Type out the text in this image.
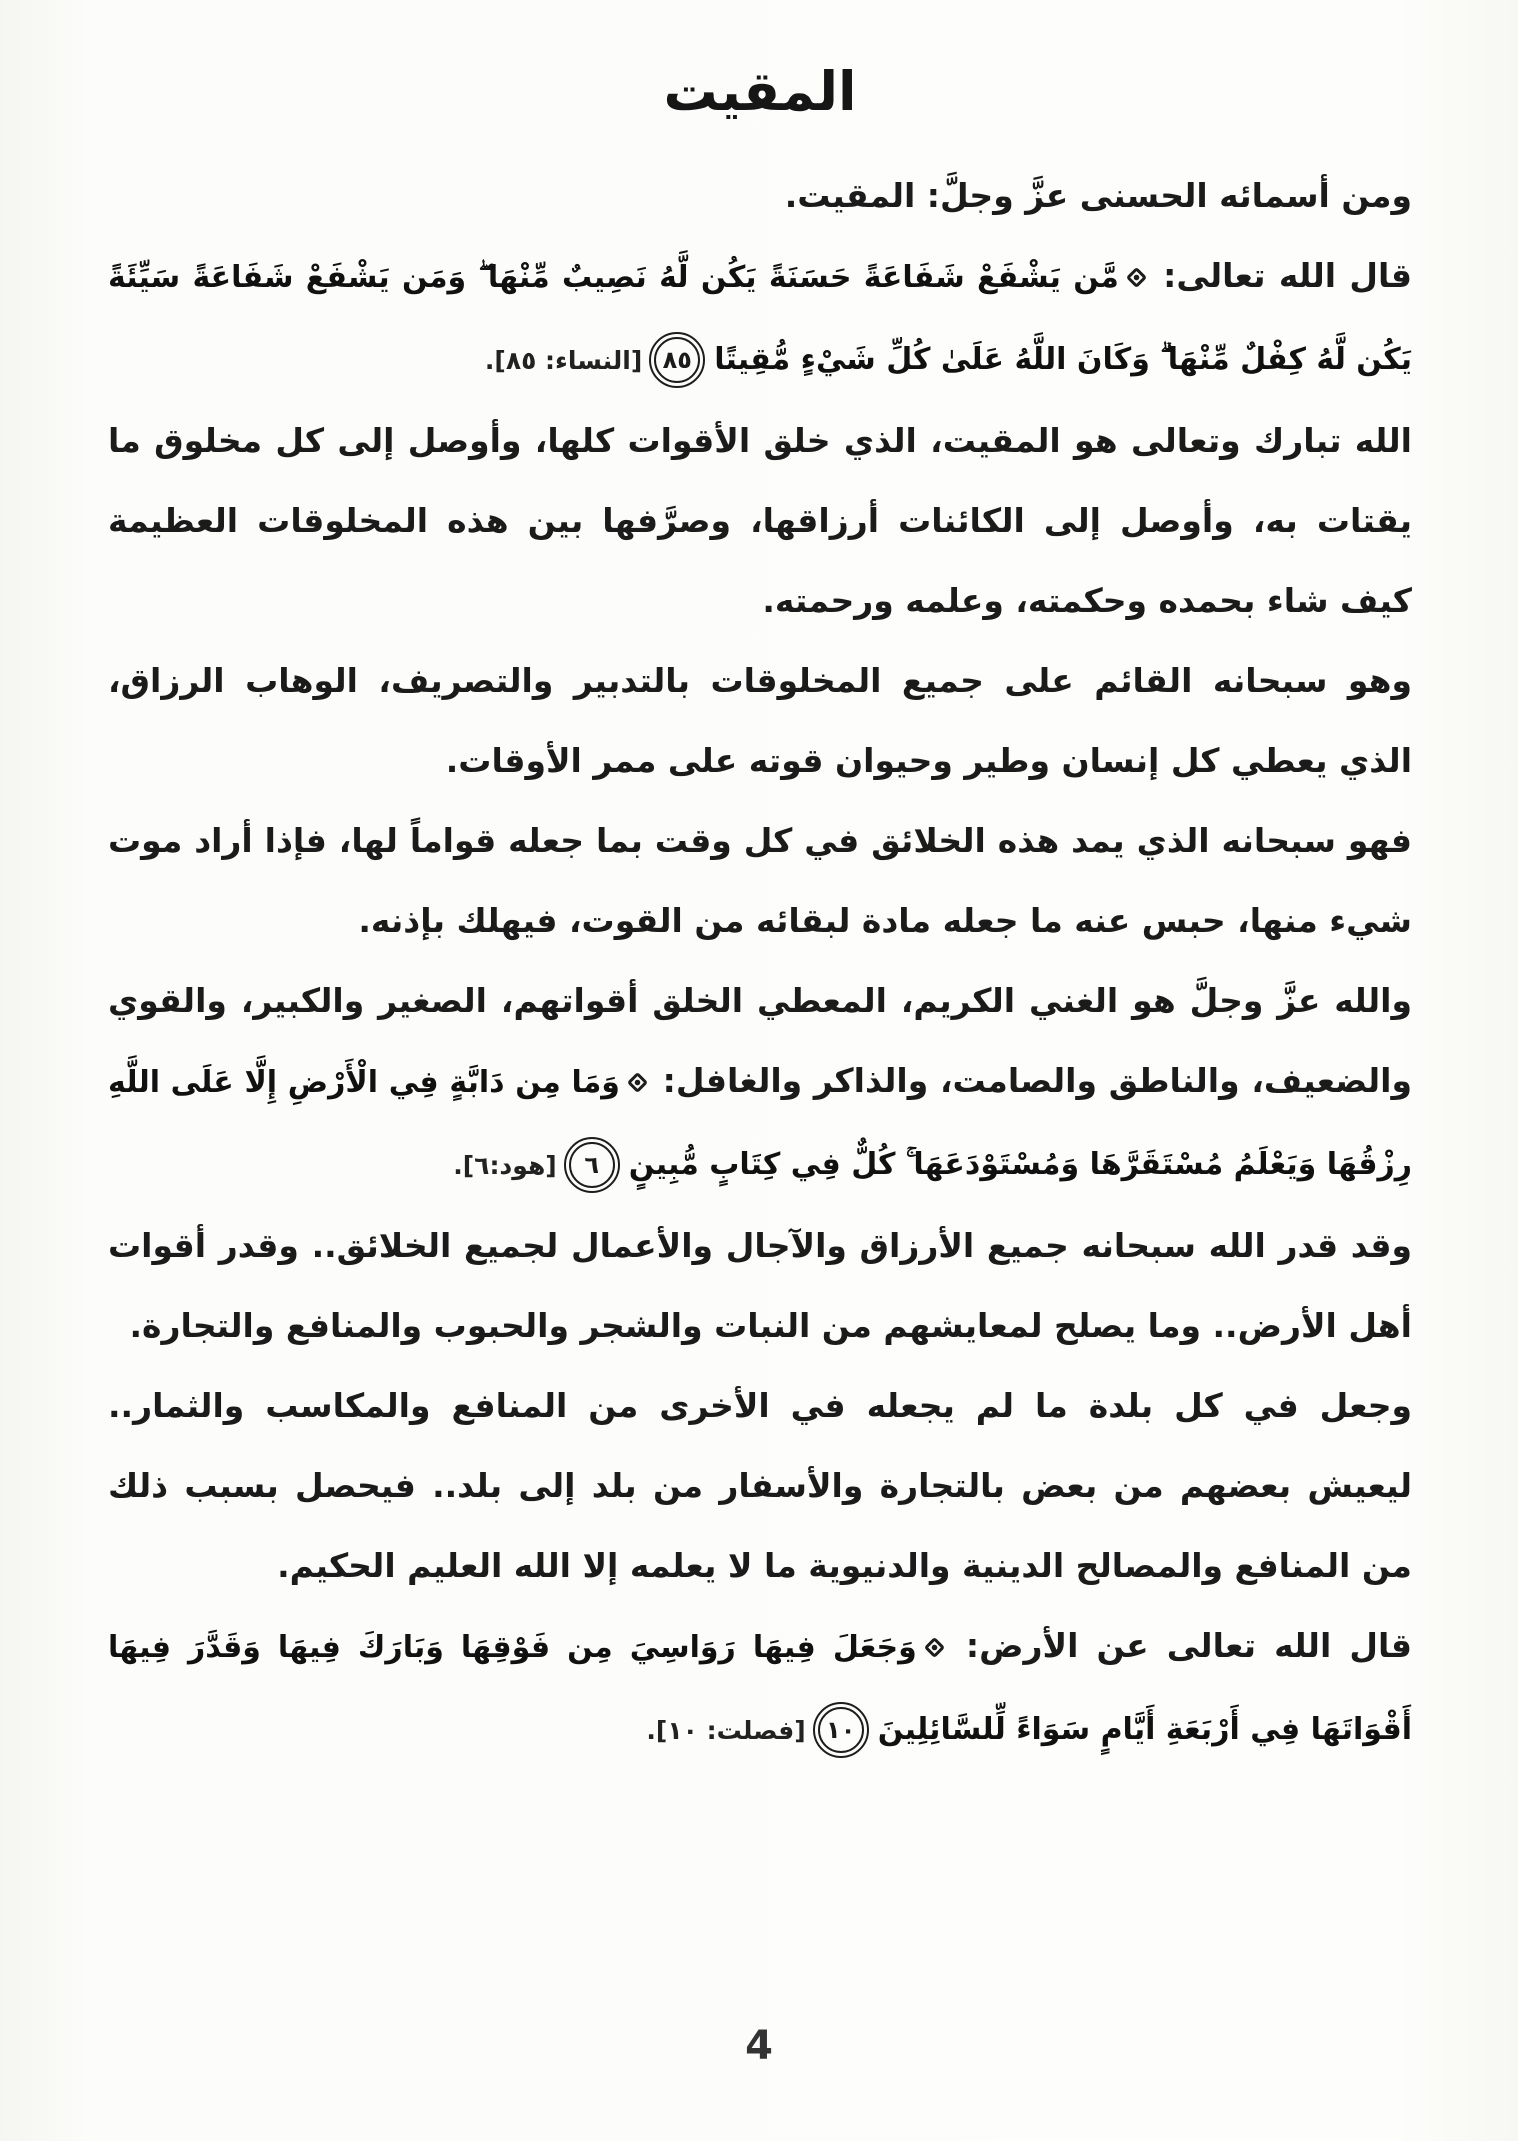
المقيت

ومن أسمائه الحسنى عزَّ وجلَّ: المقيت.

قال الله تعالى: مَّن يَشْفَعْ شَفَاعَةً حَسَنَةً يَكُن لَّهُ نَصِيبٌ مِّنْهَا ۖ وَمَن يَشْفَعْ شَفَاعَةً سَيِّئَةً يَكُن لَّهُ كِفْلٌ مِّنْهَا ۗ وَكَانَ اللَّهُ عَلَىٰ كُلِّ شَيْءٍ مُّقِيتًا
٨٥
[النساء: ٨٥].

الله تبارك وتعالى هو المقيت، الذي خلق الأقوات كلها، وأوصل إلى كل مخلوق ما يقتات به، وأوصل إلى الكائنات أرزاقها، وصرَّفها بين هذه المخلوقات العظيمة كيف شاء بحمده وحكمته، وعلمه ورحمته.

وهو سبحانه القائم على جميع المخلوقات بالتدبير والتصريف، الوهاب الرزاق، الذي يعطي كل إنسان وطير وحيوان قوته على ممر الأوقات.

فهو سبحانه الذي يمد هذه الخلائق في كل وقت بما جعله قواماً لها، فإذا أراد موت شيء منها، حبس عنه ما جعله مادة لبقائه من القوت، فيهلك بإذنه.

والله عزَّ وجلَّ هو الغني الكريم، المعطي الخلق أقواتهم، الصغير والكبير، والقوي والضعيف، والناطق والصامت، والذاكر والغافل: وَمَا مِن دَابَّةٍ فِي الْأَرْضِ إِلَّا عَلَى اللَّهِ رِزْقُهَا وَيَعْلَمُ مُسْتَقَرَّهَا وَمُسْتَوْدَعَهَا ۚ كُلٌّ فِي كِتَابٍ مُّبِينٍ
٦
[هود:٦].

وقد قدر الله سبحانه جميع الأرزاق والآجال والأعمال لجميع الخلائق.. وقدر أقوات أهل الأرض.. وما يصلح لمعايشهم من النبات والشجر والحبوب والمنافع والتجارة.

وجعل في كل بلدة ما لم يجعله في الأخرى من المنافع والمكاسب والثمار.. ليعيش بعضهم من بعض بالتجارة والأسفار من بلد إلى بلد.. فيحصل بسبب ذلك من المنافع والمصالح الدينية والدنيوية ما لا يعلمه إلا الله العليم الحكيم.

قال الله تعالى عن الأرض: وَجَعَلَ فِيهَا رَوَاسِيَ مِن فَوْقِهَا وَبَارَكَ فِيهَا وَقَدَّرَ فِيهَا أَقْوَاتَهَا فِي أَرْبَعَةِ أَيَّامٍ سَوَاءً لِّلسَّائِلِينَ
١٠
[فصلت: ١٠].

4
